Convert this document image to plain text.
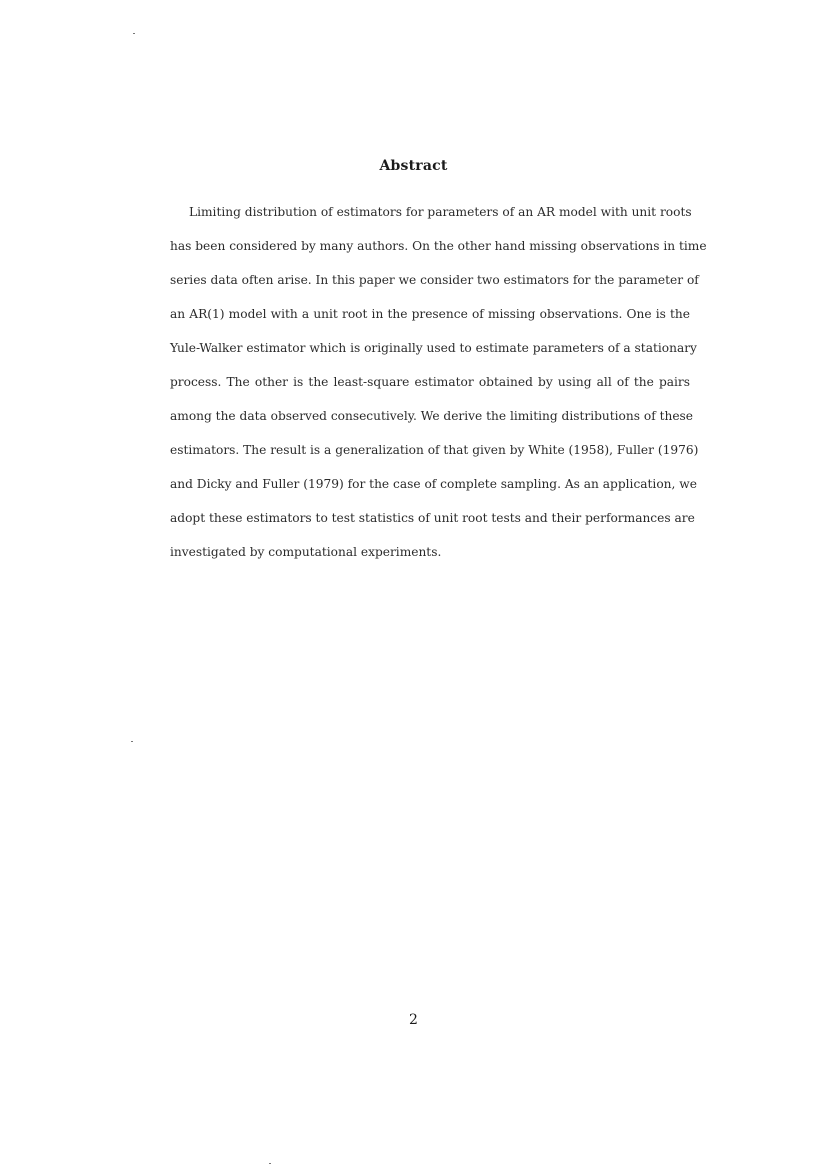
Abstract

Limiting distribution of estimators for parameters of an AR model with unit roots
has been considered by many authors. On the other hand missing observations in time
series data often arise. In this paper we consider two estimators for the parameter of
an AR(1) model with a unit root in the presence of missing observations. One is the
Yule-Walker estimator which is originally used to estimate parameters of a stationary
process. The other is the least-square estimator obtained by using all of the pairs
among the data observed consecutively. We derive the limiting distributions of these
estimators. The result is a generalization of that given by White (1958), Fuller (1976)
and Dicky and Fuller (1979) for the case of complete sampling. As an application, we
adopt these estimators to test statistics of unit root tests and their performances are
investigated by computational experiments.

2
